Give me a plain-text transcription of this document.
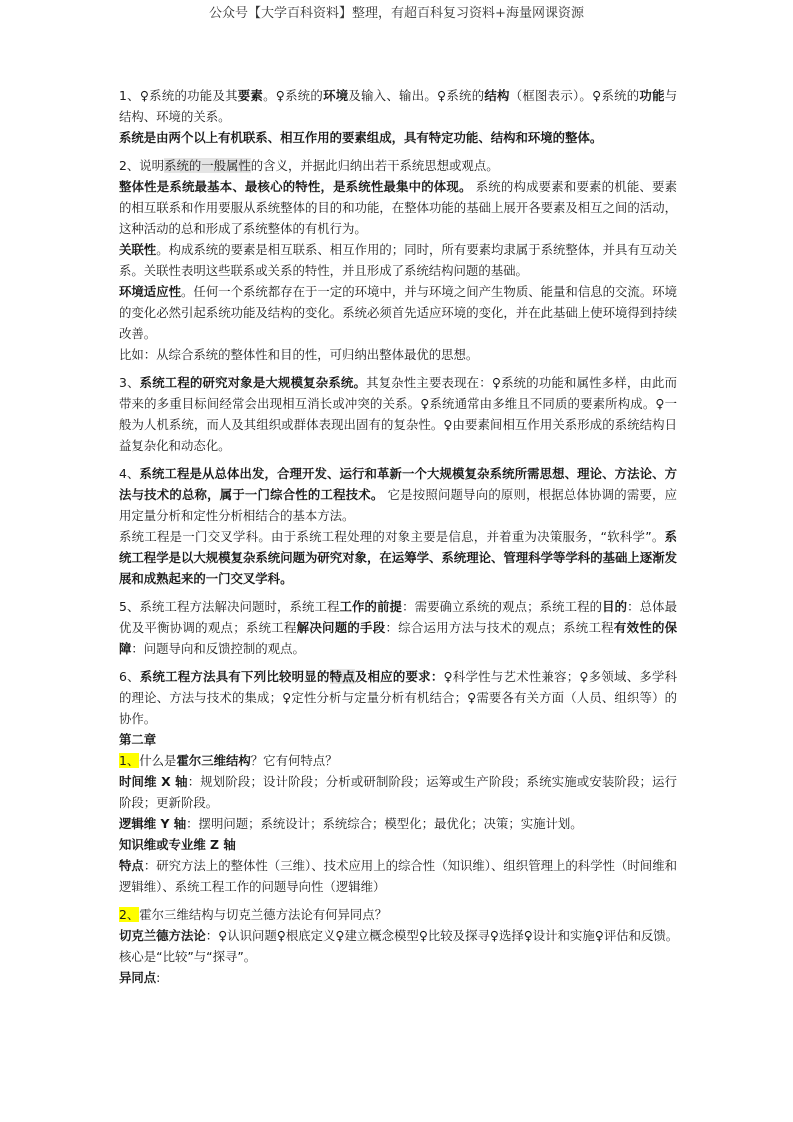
公众号【大学百科资料】整理，有超百科复习资料+海量网课资源

1、♀系统的功能及其要素。♀系统的环境及输入、输出。♀系统的结构（框图表示）。♀系统的功能与结构、环境的关系。

系统是由两个以上有机联系、相互作用的要素组成，具有特定功能、结构和环境的整体。

2、说明系统的一般属性的含义，并据此归纳出若干系统思想或观点。

整体性是系统最基本、最核心的特性，是系统性最集中的体现。 系统的构成要素和要素的机能、要素的相互联系和作用要服从系统整体的目的和功能，在整体功能的基础上展开各要素及相互之间的活动，这种活动的总和形成了系统整体的有机行为。

关联性。构成系统的要素是相互联系、相互作用的；同时，所有要素均隶属于系统整体，并具有互动关系。关联性表明这些联系或关系的特性，并且形成了系统结构问题的基础。

环境适应性。任何一个系统都存在于一定的环境中，并与环境之间产生物质、能量和信息的交流。环境的变化必然引起系统功能及结构的变化。系统必须首先适应环境的变化，并在此基础上使环境得到持续改善。

比如：从综合系统的整体性和目的性，可归纳出整体最优的思想。

3、系统工程的研究对象是大规模复杂系统。其复杂性主要表现在：♀系统的功能和属性多样，由此而带来的多重目标间经常会出现相互消长或冲突的关系。♀系统通常由多维且不同质的要素所构成。♀一般为人机系统，而人及其组织或群体表现出固有的复杂性。♀由要素间相互作用关系形成的系统结构日益复杂化和动态化。

4、系统工程是从总体出发，合理开发、运行和革新一个大规模复杂系统所需思想、理论、方法论、方法与技术的总称，属于一门综合性的工程技术。 它是按照问题导向的原则，根据总体协调的需要，应用定量分析和定性分析相结合的基本方法。

系统工程是一门交叉学科。由于系统工程处理的对象主要是信息，并着重为决策服务，“软科学”。系统工程学是以大规模复杂系统问题为研究对象，在运筹学、系统理论、管理科学等学科的基础上逐渐发展和成熟起来的一门交叉学科。

5、系统工程方法解决问题时，系统工程工作的前提：需要确立系统的观点；系统工程的目的：总体最优及平衡协调的观点；系统工程解决问题的手段：综合运用方法与技术的观点；系统工程有效性的保障：问题导向和反馈控制的观点。

6、系统工程方法具有下列比较明显的特点及相应的要求：♀科学性与艺术性兼容；♀多领域、多学科的理论、方法与技术的集成；♀定性分析与定量分析有机结合；♀需要各有关方面（人员、组织等）的协作。

第二章

1、什么是霍尔三维结构？它有何特点？

时间维 X 轴：规划阶段；设计阶段；分析或研制阶段；运筹或生产阶段；系统实施或安装阶段；运行阶段；更新阶段。

逻辑维 Y 轴：摆明问题；系统设计；系统综合；模型化；最优化；决策；实施计划。

知识维或专业维 Z 轴

特点：研究方法上的整体性（三维）、技术应用上的综合性（知识维）、组织管理上的科学性（时间维和逻辑维）、系统工程工作的问题导向性（逻辑维）

2、霍尔三维结构与切克兰德方法论有何异同点？

切克兰德方法论：♀认识问题♀根底定义♀建立概念模型♀比较及探寻♀选择♀设计和实施♀评估和反馈。　核心是“比较”与“探寻”。

异同点:
